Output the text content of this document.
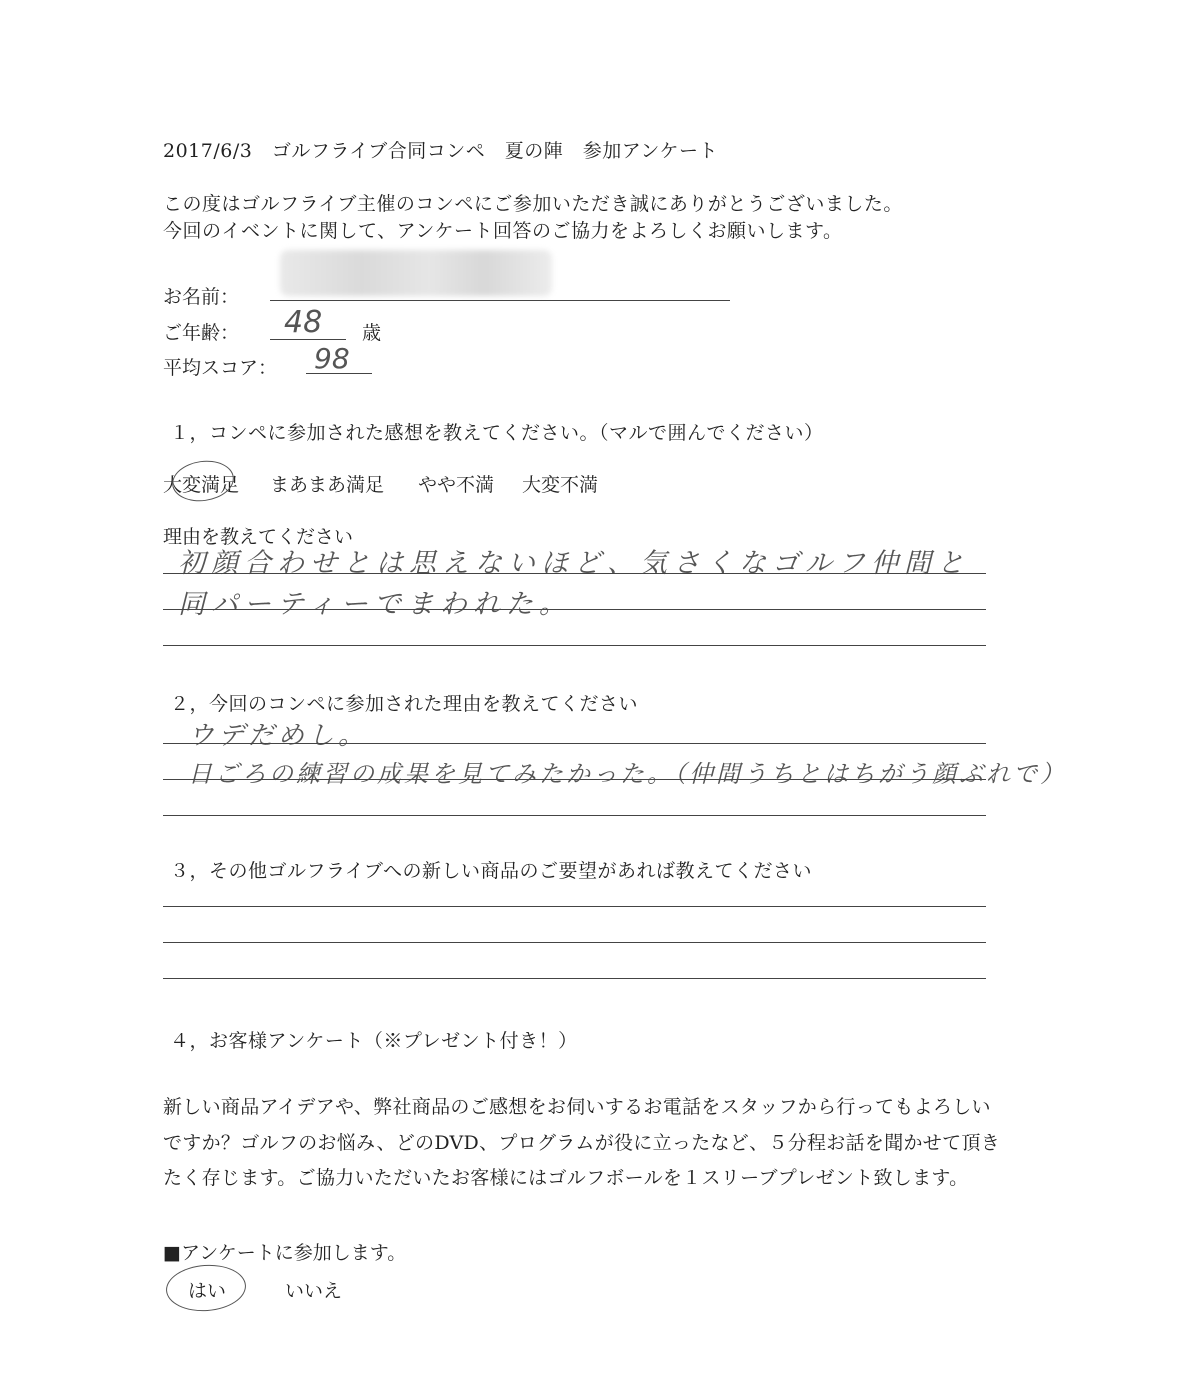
2017/6/3　ゴルフライブ合同コンペ　夏の陣　参加アンケート
この度はゴルフライブ主催のコンペにご参加いただき誠にありがとうございました。
今回のイベントに関して、アンケート回答のご協力をよろしくお願いします。
お名前：
ご年齢： 48 歳
平均スコア： 98
１，コンペに参加された感想を教えてください。（マルで囲んでください）
大変満足 まあまあ満足 やや不満 大変不満
理由を教えてください
初顔合わせとは思えないほど、気さくなゴルフ仲間と
同パーティーでまわれた。
２，今回のコンペに参加された理由を教えてください
ウデだめし。
日ごろの練習の成果を見てみたかった。（仲間うちとはちがう顔ぶれで）
３，その他ゴルフライブへの新しい商品のご要望があれば教えてください
４，お客様アンケート（※プレゼント付き！）
新しい商品アイデアや、弊社商品のご感想をお伺いするお電話をスタッフから行ってもよろしい
ですか？ゴルフのお悩み、どのDVD、プログラムが役に立ったなど、５分程お話を聞かせて頂き
たく存じます。ご協力いただいたお客様にはゴルフボールを１スリーブプレゼント致します。
■アンケートに参加します。
はい	いいえ
